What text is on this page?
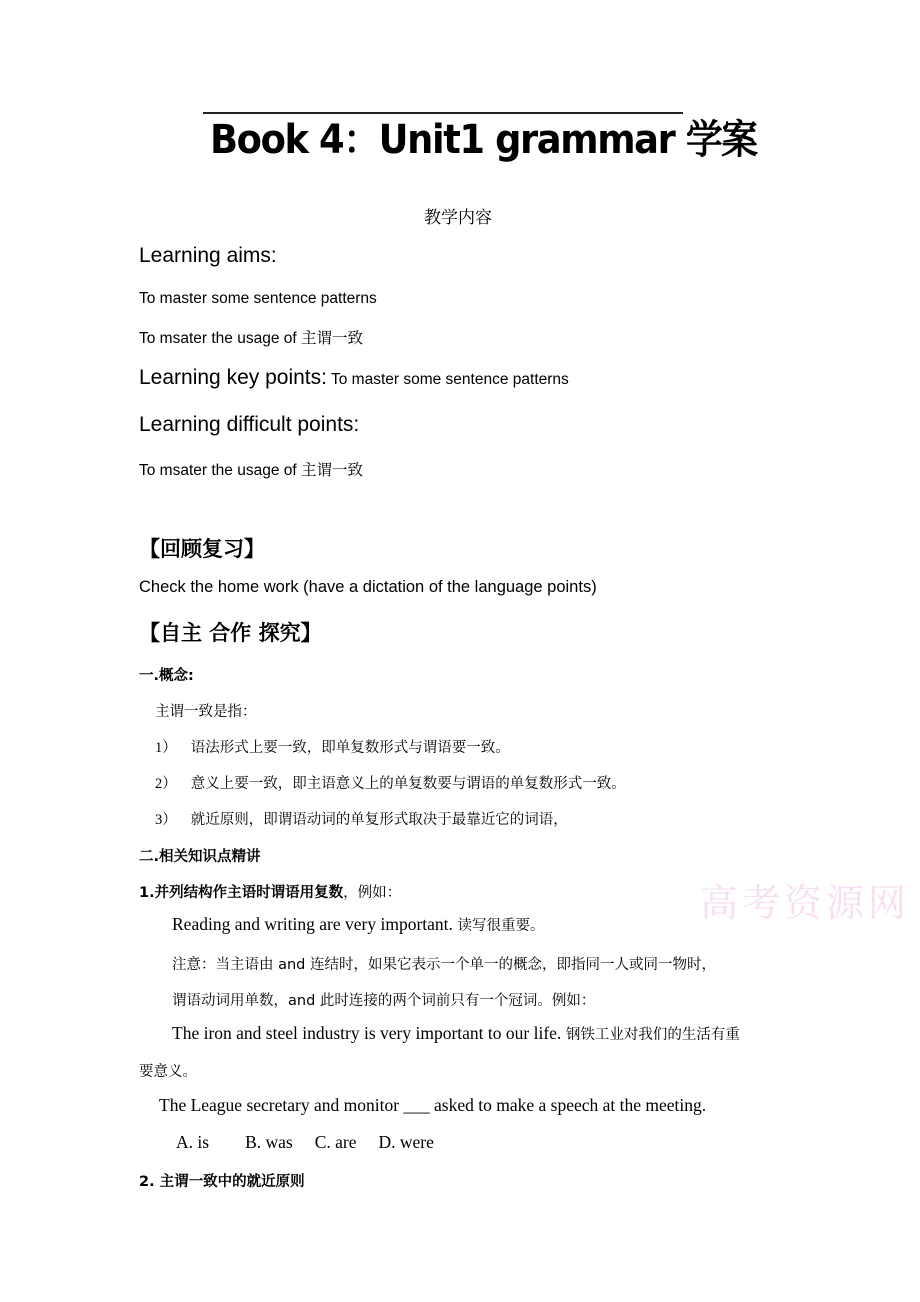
Book 4：Unit1 grammar 学案
教学内容
Learning aims:
To master some sentence patterns
To msater the usage of 主谓一致
Learning key points: To master some sentence patterns
Learning difficult points:
To msater the usage of 主谓一致
【回顾复习】
Check the home work (have a dictation of the language points)
【自主 合作 探究】
一.概念:
主谓一致是指：
1） 语法形式上要一致，即单复数形式与谓语要一致。
2） 意义上要一致，即主语意义上的单复数要与谓语的单复数形式一致。
3） 就近原则，即谓语动词的单复形式取决于最靠近它的词语，
二.相关知识点精讲
1.并列结构作主语时谓语用复数，例如：	高考资源网
Reading and writing are very important. 读写很重要。
注意：当主语由 and 连结时，如果它表示一个单一的概念，即指同一人或同一物时，
谓语动词用单数，and 此时连接的两个词前只有一个冠词。例如：
The iron and steel industry is very important to our life. 钢铁工业对我们的生活有重
要意义。
The League secretary and monitor ___ asked to make a speech at the meeting.
A. is B. was C. are D. were
2. 主谓一致中的就近原则
